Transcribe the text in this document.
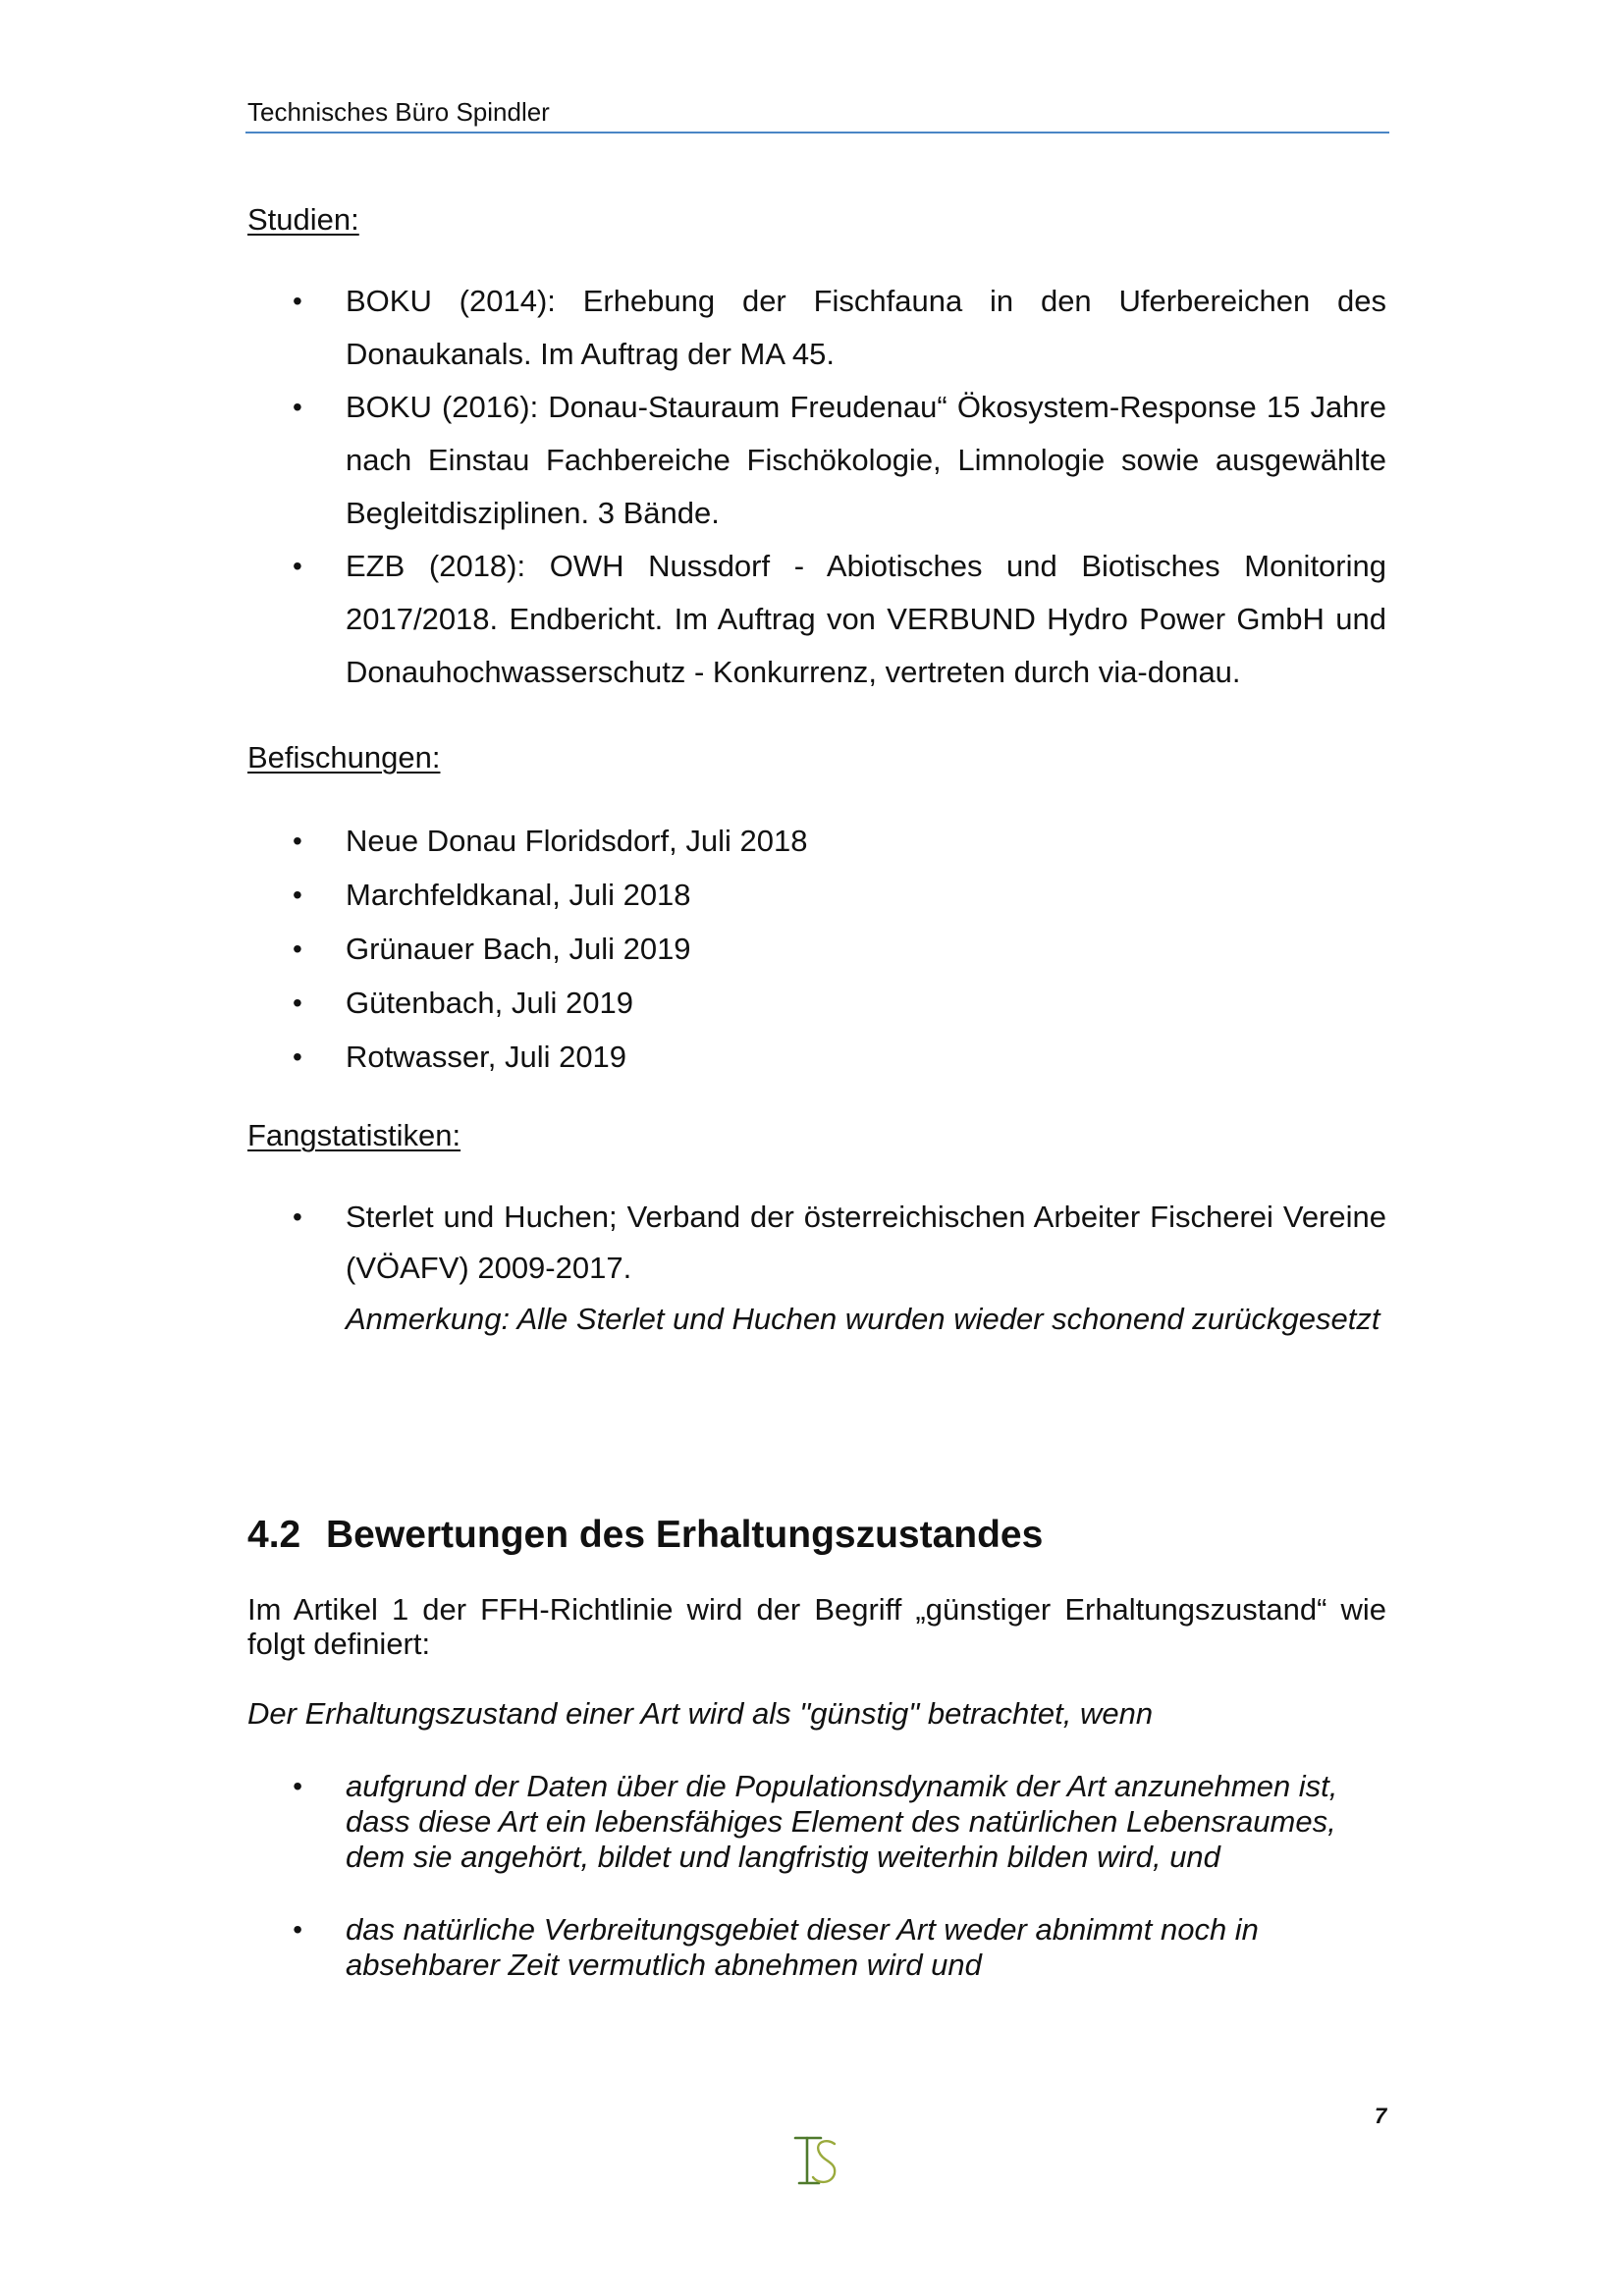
Technisches Büro Spindler
Studien:
• BOKU (2014): Erhebung der Fischfauna in den Uferbereichen des Donaukanals. Im Auftrag der MA 45.
• BOKU (2016): Donau-Stauraum Freudenau“ Ökosystem-Response 15 Jahre nach Einstau Fachbereiche Fischökologie, Limnologie sowie ausgewählte Begleitdisziplinen. 3 Bände.
• EZB (2018): OWH Nussdorf - Abiotisches und Biotisches Monitoring 2017/2018. Endbericht. Im Auftrag von VERBUND Hydro Power GmbH und Donauhochwasserschutz ‐ Konkurrenz, vertreten durch via-donau.
Befischungen:
• Neue Donau Floridsdorf, Juli 2018
• Marchfeldkanal, Juli 2018
• Grünauer Bach, Juli 2019
• Gütenbach, Juli 2019
• Rotwasser, Juli 2019
Fangstatistiken:
• Sterlet und Huchen; Verband der österreichischen Arbeiter Fischerei Vereine (VÖAFV) 2009-2017.
Anmerkung: Alle Sterlet und Huchen wurden wieder schonend zurückgesetzt
4.2 Bewertungen des Erhaltungszustandes

Im Artikel 1 der FFH-Richtlinie wird der Begriff „günstiger Erhaltungszustand“ wie folgt definiert:

Der Erhaltungszustand einer Art wird als "günstig" betrachtet, wenn

• aufgrund der Daten über die Populationsdynamik der Art anzunehmen ist, dass diese Art ein lebensfähiges Element des natürlichen Lebensraumes, dem sie angehört, bildet und langfristig weiterhin bilden wird, und
• das natürliche Verbreitungsgebiet dieser Art weder abnimmt noch in absehbarer Zeit vermutlich abnehmen wird und
7
